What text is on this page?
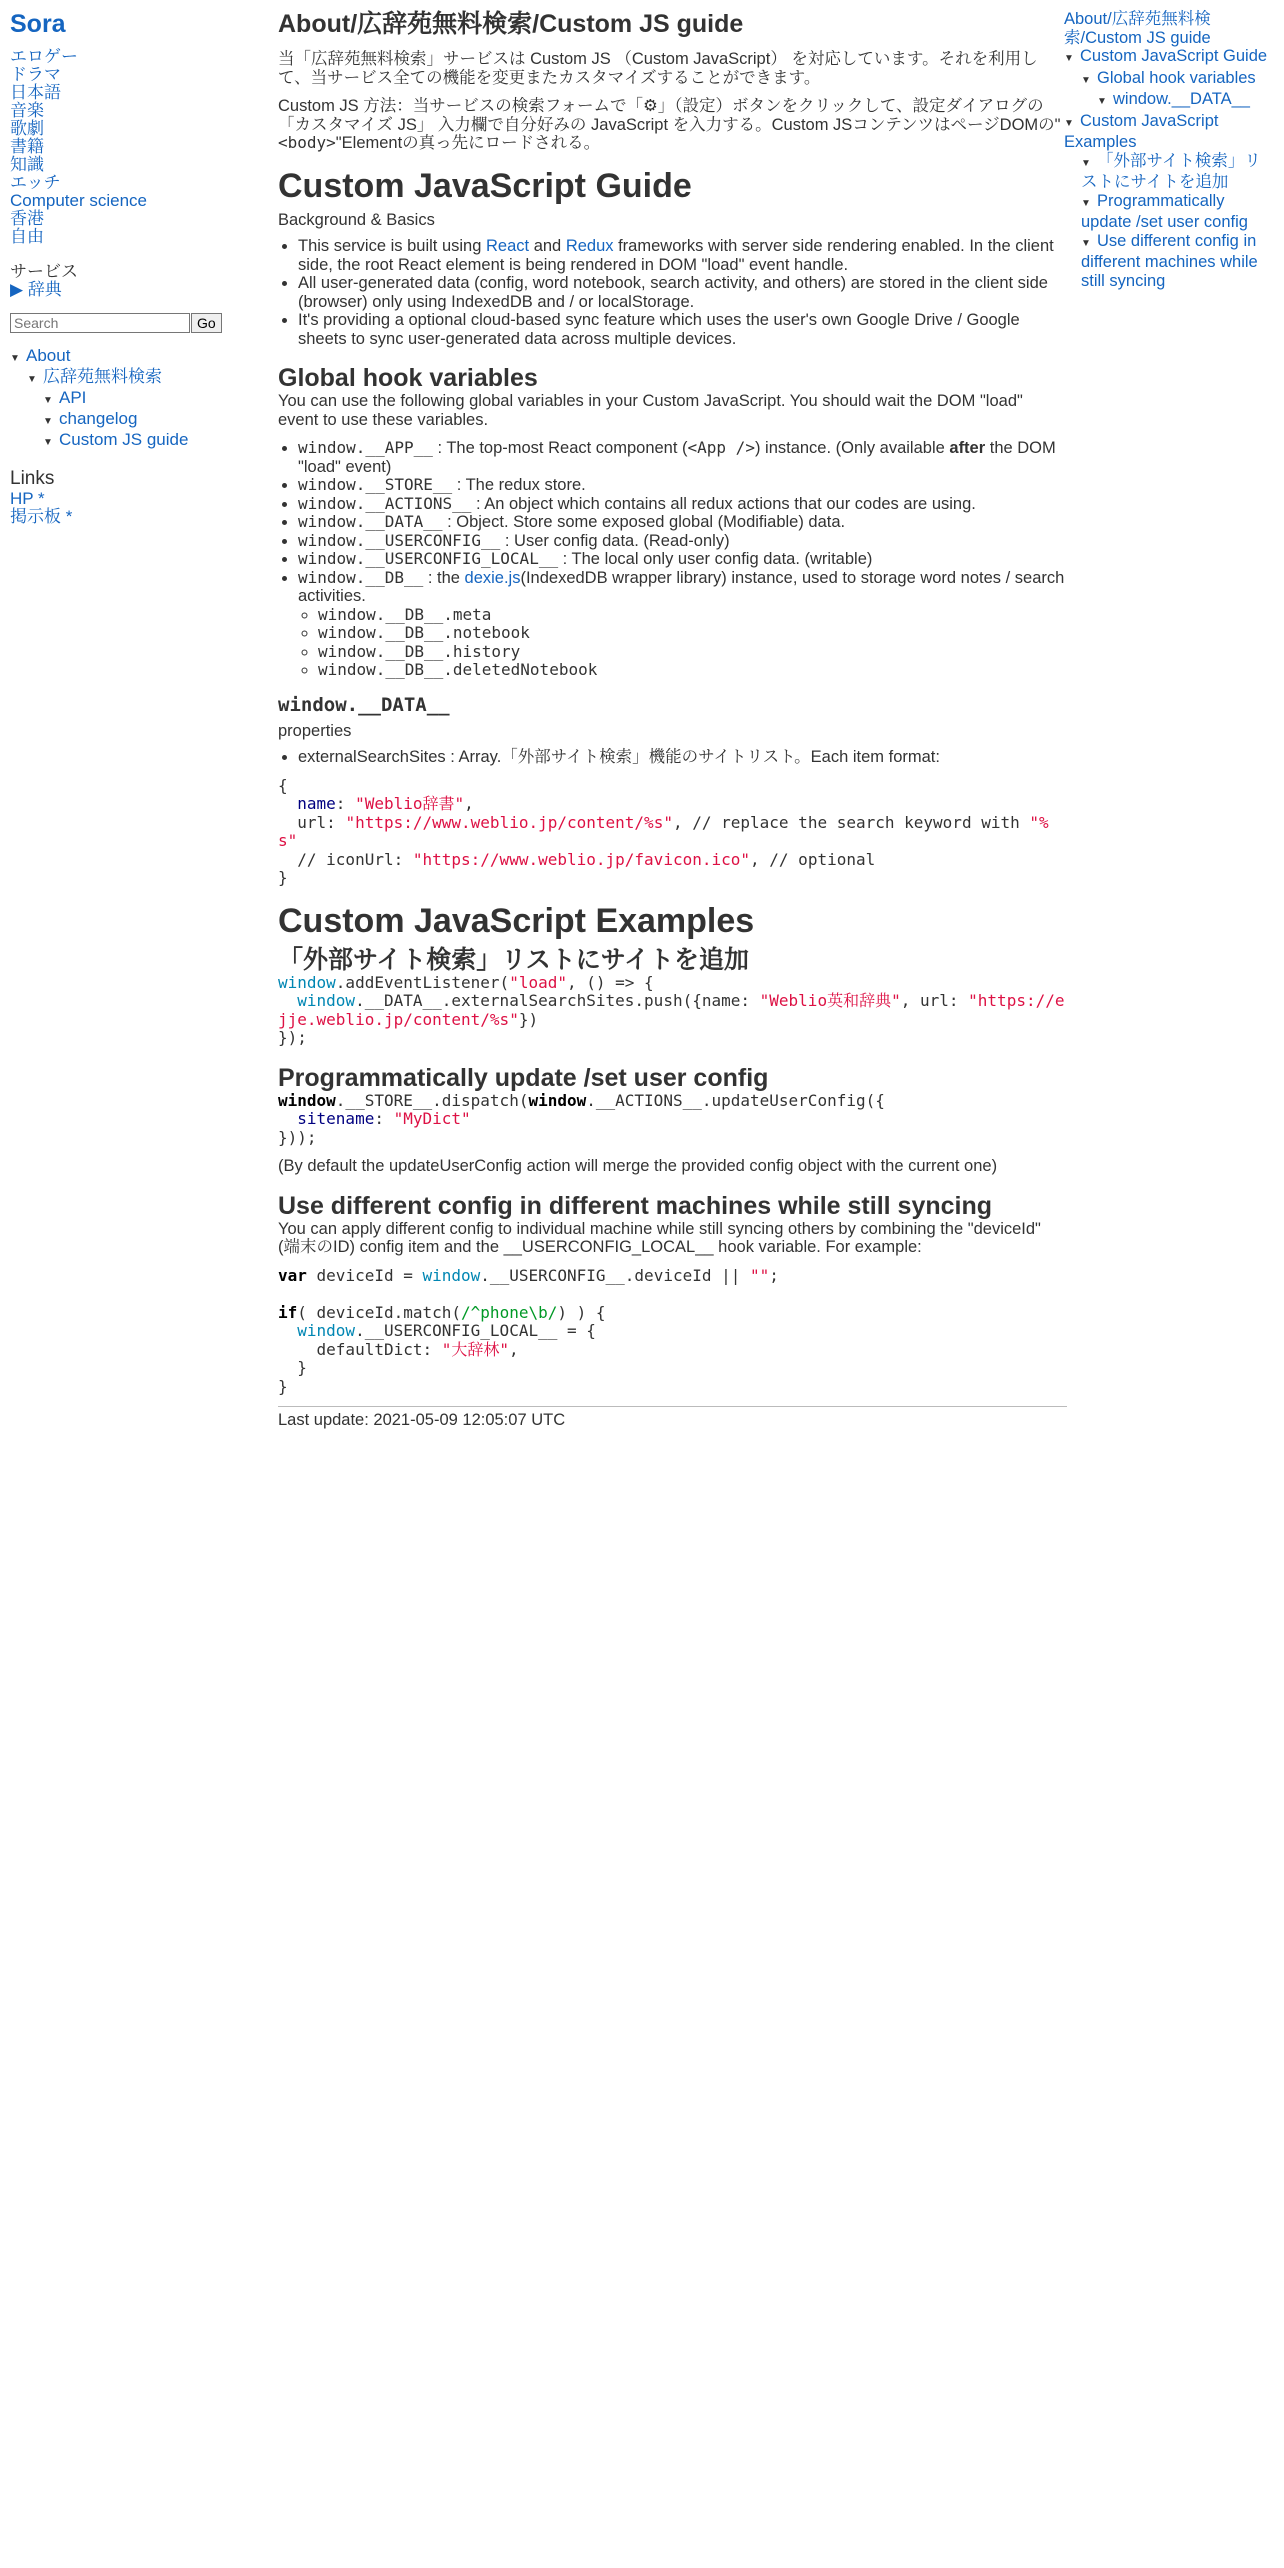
Sora
エロゲー
ドラマ
日本語
音楽
歌劇
書籍
知識
エッチ
Computer science
香港
自由
サービス
▶ 辞典
Search
Go
▼ About
▼ 広辞苑無料検索
▼ API
▼ changelog
▼ Custom JS guide
Links
HP *
掲示板 *
About/広辞苑無料検索/Custom JS guide

当「広辞苑無料検索」サービスは Custom JS （Custom JavaScript） を対応しています。それを利用して、当サービス全ての機能を変更またカスタマイズすることができます。

Custom JS 方法：当サービスの検索フォームで「⚙」（設定）ボタンをクリックして、設定ダイアログの「カスタマイズ JS」 入力欄で自分好みの JavaScript を入力する。Custom JSコンテンツはページDOMの"<body>"Elementの真っ先にロードされる。

Custom JavaScript Guide
Background & Basics
• This service is built using React and Redux frameworks with server side rendering enabled. In the client side, the root React element is being rendered in DOM "load" event handle.
• All user-generated data (config, word notebook, search activity, and others) are stored in the client side (browser) only using IndexedDB and / or localStorage.
• It's providing a optional cloud-based sync feature which uses the user's own Google Drive / Google sheets to sync user-generated data across multiple devices.
Global hook variables

You can use the following global variables in your Custom JavaScript. You should wait the DOM "load" event to use these variables.

• window.__APP__ : The top-most React component (<App />) instance. (Only available after the DOM "load" event)
• window.__STORE__ : The redux store.
• window.__ACTIONS__ : An object which contains all redux actions that our codes are using.
• window.__DATA__ : Object. Store some exposed global (Modifiable) data.
• window.__USERCONFIG__ : User config data. (Read-only)
• window.__USERCONFIG_LOCAL__ : The local only user config data. (writable)
• window.__DB__ : the dexie.js(IndexedDB wrapper library) instance, used to storage word notes / search activities.
◦ window.__DB__.meta
◦ window.__DB__.notebook
◦ window.__DB__.history
◦ window.__DB__.deletedNotebook
window.__DATA__
properties
• externalSearchSites : Array.「外部サイト検索」機能のサイトリスト。Each item format:
{
name: "Weblio辞書",
url: "https://www.weblio.jp/content/%s", // replace the search keyword with "%s"
// iconUrl: "https://www.weblio.jp/favicon.ico", // optional
}
Custom JavaScript Examples
「外部サイト検索」リストにサイトを追加
window.addEventListener("load", () => {
window.__DATA__.externalSearchSites.push({name: "Weblio英和辞典", url: "https://ejje.weblio.jp/content/%s"})
});
Programmatically update /set user config
window.__STORE__.dispatch(window.__ACTIONS__.updateUserConfig({
sitename: "MyDict"
}));

(By default the updateUserConfig action will merge the provided config object with the current one)

Use different config in different machines while still syncing

You can apply different config to individual machine while still syncing others by combining the "deviceId" (端末のID) config item and the __USERCONFIG_LOCAL__ hook variable. For example:

var deviceId = window.__USERCONFIG__.deviceId || "";

if( deviceId.match(/^phone\b/) ) {
window.__USERCONFIG_LOCAL__ = {
defaultDict: "大辞林",
}
}
Last update: 2021-05-09 12:05:07 UTC
About/広辞苑無料検索/Custom JS guide
▼ Custom JavaScript Guide
▼ Global hook variables
▼ window.__DATA__
▼ Custom JavaScript Examples
▼ 「外部サイト検索」リストにサイトを追加
▼ Programmatically update /set user config
▼ Use different config in different machines while still syncing
